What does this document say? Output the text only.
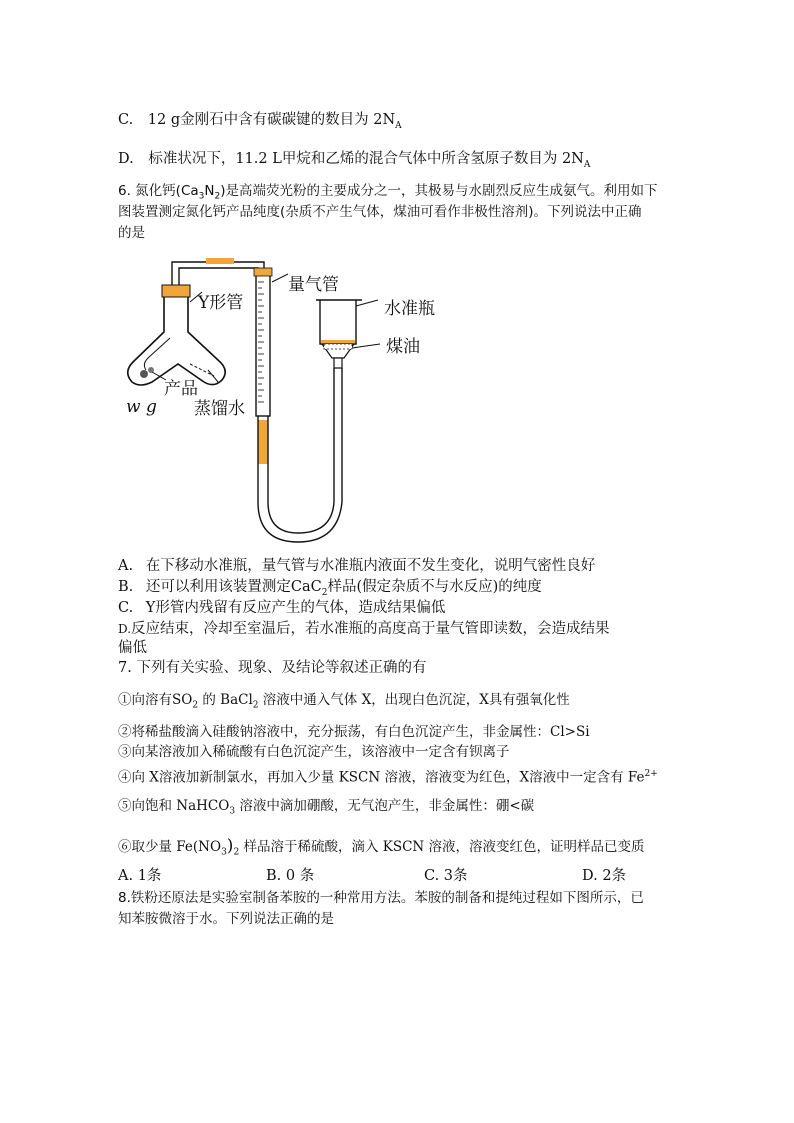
C. 12 g金刚石中含有碳碳键的数目为 $2N_A$
D. 标准状况下，11.2 L甲烷和乙烯的混合气体中所含氢原子数目为 $2N_A$
6. 氮化钙$(Ca_3N_2)$是高端荧光粉的主要成分之一，其极易与水剧烈反应生成氨气。利用如下
图装置测定氮化钙产品纯度(杂质不产生气体，煤油可看作非极性溶剂)。下列说法中正确
的是
Y形管
量气管
水准瓶
煤油
产品
w g 蒸馏水
A. 在下移动水准瓶，量气管与水准瓶内液面不发生变化，说明气密性良好
B. 还可以利用该装置测定CaC$_2$样品(假定杂质不与水反应)的纯度
C. Y形管内残留有反应产生的气体，造成结果偏低
D.反应结束，冷却至室温后，若水准瓶的高度高于量气管即读数，会造成结果
偏低
7. 下列有关实验、现象、及结论等叙述正确的有
①向溶有$SO_2$ 的 BaCl$_2$ 溶液中通入气体 X，出现白色沉淀，X具有强氧化性
②将稀盐酸滴入硅酸钠溶液中，充分振荡，有白色沉淀产生，非金属性：Cl>Si
③向某溶液加入稀硫酸有白色沉淀产生，该溶液中一定含有钡离子
④向 X溶液加新制氯水，再加入少量 KSCN 溶液，溶液变为红色，X溶液中一定含有 $Fe^{2+}$
⑤向饱和 NaHCO$_3$ 溶液中滴加硼酸，无气泡产生，非金属性：硼<碳
⑥取少量 $Fe(NO_3)_2$ 样品溶于稀硫酸，滴入 KSCN 溶液，溶液变红色，证明样品已变质
A. 1条	B. 0 条	C. 3条	D. 2条
8.铁粉还原法是实验室制备苯胺的一种常用方法。苯胺的制备和提纯过程如下图所示，已
知苯胺微溶于水。下列说法正确的是
